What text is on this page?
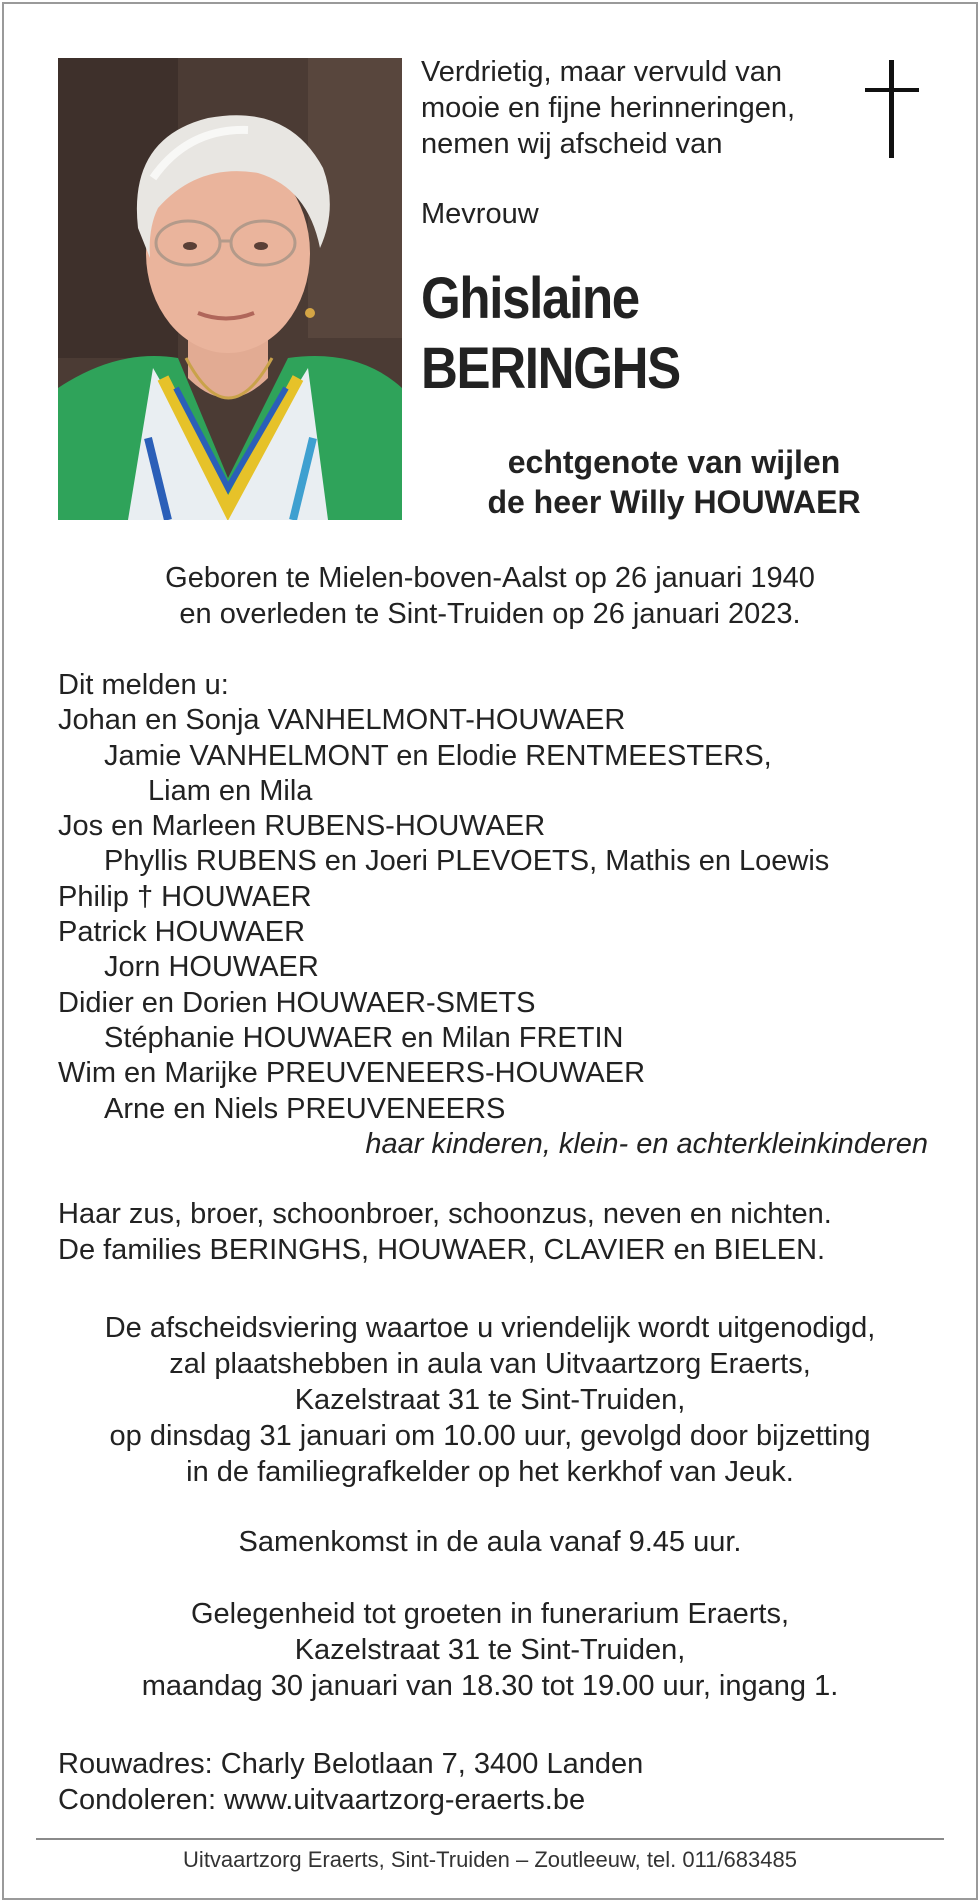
Verdrietig, maar vervuld van
mooie en fijne herinneringen,
nemen wij afscheid van
Mevrouw
Ghislaine
BERINGHS
echtgenote van wijlen
de heer Willy HOUWAER
Geboren te Mielen-boven-Aalst op 26 januari 1940
en overleden te Sint-Truiden op 26 januari 2023.
Dit melden u:
Johan en Sonja VANHELMONT-HOUWAER
Jamie VANHELMONT en Elodie RENTMEESTERS,
Liam en Mila
Jos en Marleen RUBENS-HOUWAER
Phyllis RUBENS en Joeri PLEVOETS, Mathis en Loewis
Philip † HOUWAER
Patrick HOUWAER
Jorn HOUWAER
Didier en Dorien HOUWAER-SMETS
Stéphanie HOUWAER en Milan FRETIN
Wim en Marijke PREUVENEERS-HOUWAER
Arne en Niels PREUVENEERS
haar kinderen, klein- en achterkleinkinderen
Haar zus, broer, schoonbroer, schoonzus, neven en nichten.
De families BERINGHS, HOUWAER, CLAVIER en BIELEN.
De afscheidsviering waartoe u vriendelijk wordt uitgenodigd,
zal plaatshebben in aula van Uitvaartzorg Eraerts,
Kazelstraat 31 te Sint-Truiden,
op dinsdag 31 januari om 10.00 uur, gevolgd door bijzetting
in de familiegrafkelder op het kerkhof van Jeuk.
Samenkomst in de aula vanaf 9.45 uur.
Gelegenheid tot groeten in funerarium Eraerts,
Kazelstraat 31 te Sint-Truiden,
maandag 30 januari van 18.30 tot 19.00 uur, ingang 1.
Rouwadres: Charly Belotlaan 7, 3400 Landen
Condoleren: www.uitvaartzorg-eraerts.be
Uitvaartzorg Eraerts, Sint-Truiden – Zoutleeuw, tel. 011/683485
